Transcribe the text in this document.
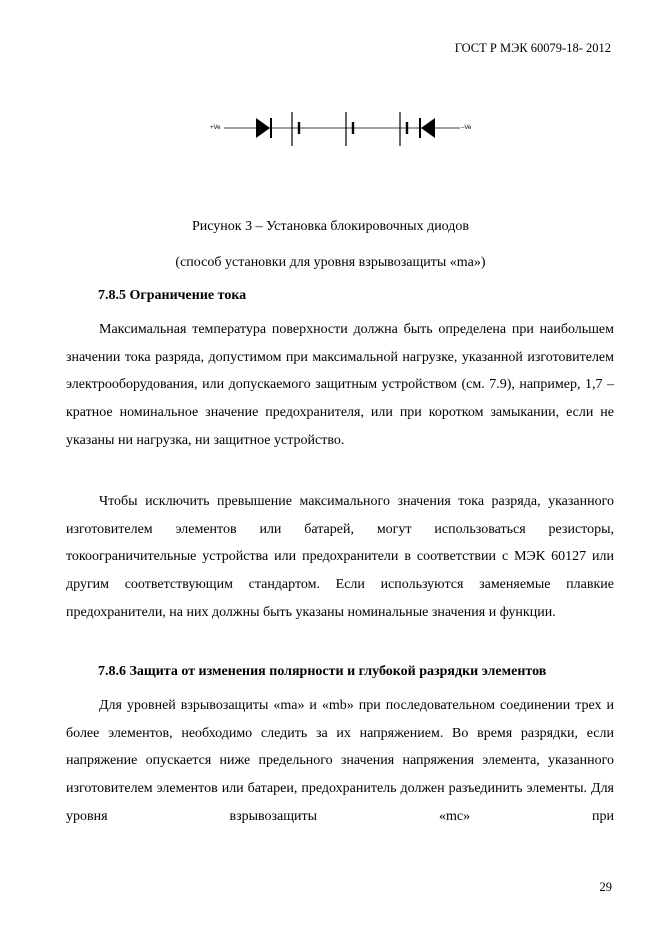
ГОСТ Р МЭК 60079-18- 2012
+Ve	–Ve
Рисунок 3 – Установка блокировочных диодов
(способ установки для уровня взрывозащиты «ma»)
7.8.5 Ограничение тока

Максимальная температура поверхности должна быть определена при наибольшем значении тока разряда, допустимом при максимальной нагрузке, указанной изготовителем электрооборудования, или допускаемого защитным устройством (см. 7.9), например, 1,7 – кратное номинальное значение предохранителя, или при коротком замыкании, если не указаны ни нагрузка, ни защитное устройство.

Чтобы исключить превышение максимального значения тока разряда, указанного изготовителем элементов или батарей, могут использоваться резисторы, токоограничительные устройства или предохранители в соответствии с МЭК 60127 или другим соответствующим стандартом. Если используются заменяемые плавкие предохранители, на них должны быть указаны номинальные значения и функции.

7.8.6 Защита от изменения полярности и глубокой разрядки элементов

Для уровней взрывозащиты «ma» и «mb» при последовательном соединении трех и более элементов, необходимо следить за их напряжением. Во время разрядки, если напряжение опускается ниже предельного значения напряжения элемента, указанного изготовителем элементов или батареи, предохранитель должен разъединить элементы. Для уровня взрывозащиты «mc» при

29
